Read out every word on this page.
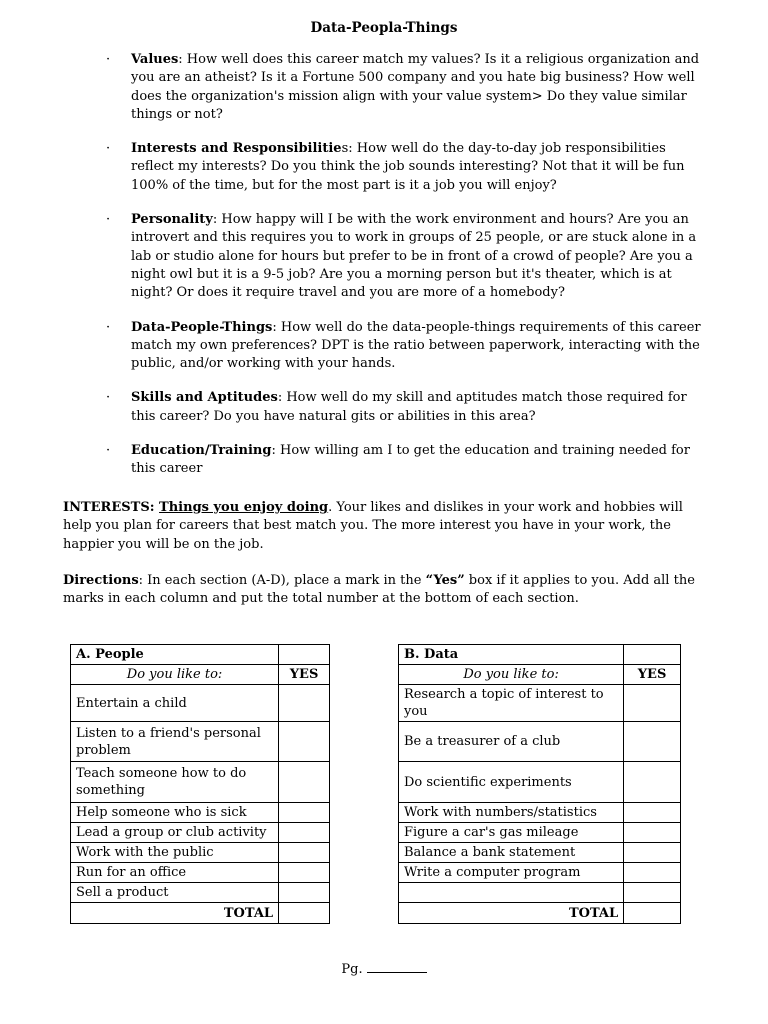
Data-Peopla-Things
· Values: How well does this career match my values? Is it a religious organization and you are an atheist? Is it a Fortune 500 company and you hate big business? How well does the organization's mission align with your value system> Do they value similar things or not?
· Interests and Responsibilities: How well do the day-to-day job responsibilities reflect my interests? Do you think the job sounds interesting? Not that it will be fun 100% of the time, but for the most part is it a job you will enjoy?
· Personality: How happy will I be with the work environment and hours? Are you an introvert and this requires you to work in groups of 25 people, or are stuck alone in a lab or studio alone for hours but prefer to be in front of a crowd of people? Are you a night owl but it is a 9-5 job? Are you a morning person but it's theater, which is at night? Or does it require travel and you are more of a homebody?
· Data-People-Things: How well do the data-people-things requirements of this career match my own preferences? DPT is the ratio between paperwork, interacting with the public, and/or working with your hands.
· Skills and Aptitudes: How well do my skill and aptitudes match those required for this career? Do you have natural gits or abilities in this area?
· Education/Training: How willing am I to get the education and training needed for this career

INTERESTS: Things you enjoy doing. Your likes and dislikes in your work and hobbies will help you plan for careers that best match you. The more interest you have in your work, the happier you will be on the job.

Directions: In each section (A-D), place a mark in the “Yes” box if it applies to you. Add all the marks in each column and put the total number at the bottom of each section.

A. People	
Do you like to:	YES
Entertain a child	
Listen to a friend's personal problem	
Teach someone how to do something	
Help someone who is sick	
Lead a group or club activity	
Work with the public	
Run for an office	
Sell a product	
TOTAL	
B. Data	
Do you like to:	YES
Research a topic of interest to you	
Be a treasurer of a club	
Do scientific experiments	
Work with numbers/statistics	
Figure a car's gas mileage	
Balance a bank statement	
Write a computer program	

TOTAL	
Pg.
